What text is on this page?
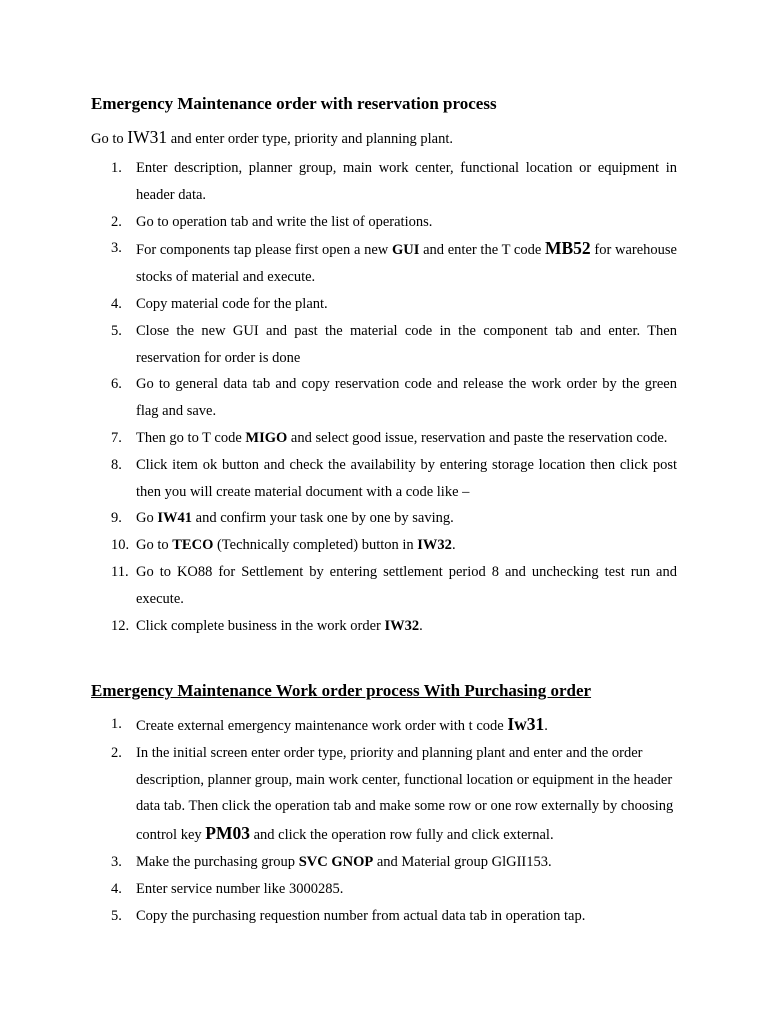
Emergency Maintenance order with reservation process

Go to IW31 and enter order type, priority and planning plant.

1. Enter description, planner group, main work center, functional location or equipment in header data.
2. Go to operation tab and write the list of operations.
3. For components tap please first open a new GUI and enter the T code MB52 for warehouse stocks of material and execute.
4. Copy material code for the plant.
5. Close the new GUI and past the material code in the component tab and enter. Then reservation for order is done
6. Go to general data tab and copy reservation code and release the work order by the green flag and save.
7. Then go to T code MIGO and select good issue, reservation and paste the reservation code.
8. Click item ok button and check the availability by entering storage location then click post then you will create material document with a code like –
9. Go IW41 and confirm your task one by one by saving.
10. Go to TECO (Technically completed) button in IW32.
11. Go to KO88 for Settlement by entering settlement period 8 and unchecking test run and execute.
12. Click complete business in the work order IW32.
Emergency Maintenance Work order process With Purchasing order
1. Create external emergency maintenance work order with t code Iw31.
2. In the initial screen enter order type, priority and planning plant and enter and the order description, planner group, main work center, functional location or equipment in the header data tab. Then click the operation tab and make some row or one row externally by choosing control key PM03 and click the operation row fully and click external.
3. Make the purchasing group SVC GNOP and Material group GlGII153.
4. Enter service number like 3000285.
5. Copy the purchasing requestion number from actual data tab in operation tap.
